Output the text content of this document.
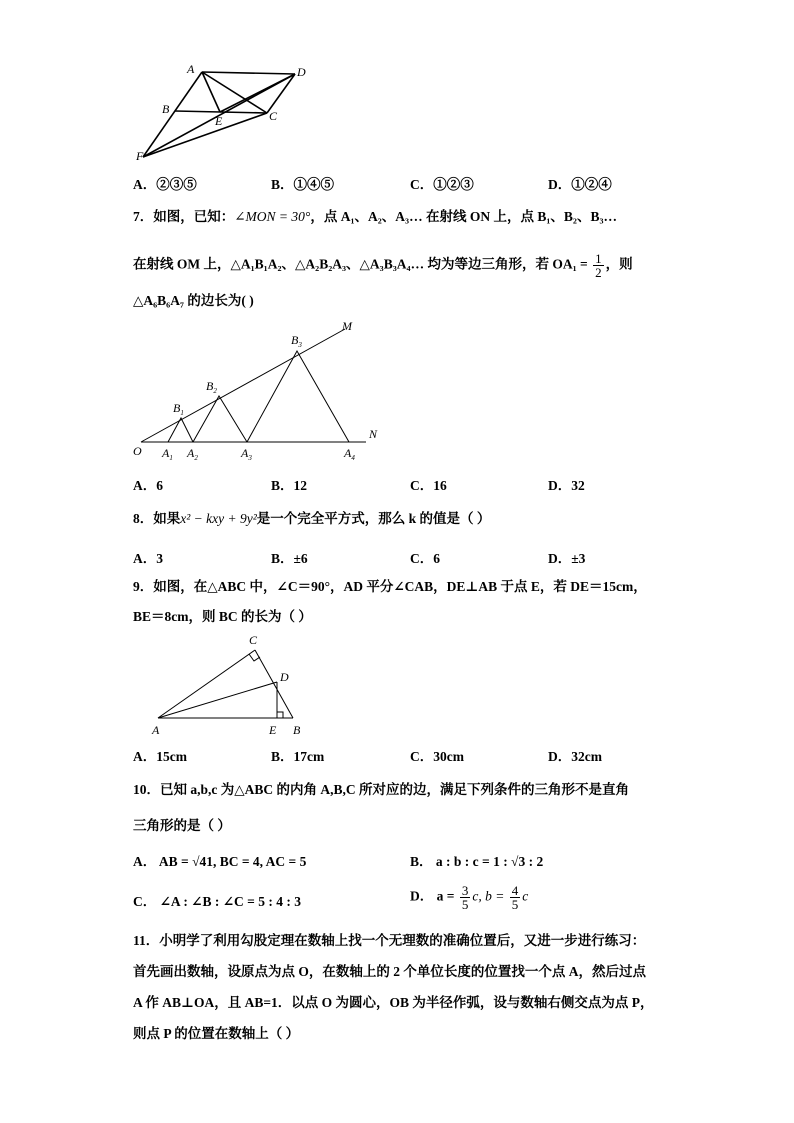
A	D
B
E	C
F
A．②③⑤	B．①④⑤	C．①②③	D．①②④
7．如图，已知：∠MON = 30°，点 A₁、A₂、A₃… 在射线 ON 上，点 B₁、B₂、B₃…
在射线 OM 上，△A₁B₁A₂、△A₂B₂A₃、△A₃B₃A₄… 均为等边三角形，若 $OA_1 = \frac{1}{2}$ ，则
△A₆B₆A₇ 的边长为( )
O $A_1$ $A_2$	$A_3$	$A_4$
$B_1$
$B_2$
$B_3$
M
N
A．6	B．12	C．16	D．32
8．如果x² − kxy + 9y²是一个完全平方式，那么 k 的值是（ ）
A．3	B．±6	C．6	D．±3
9．如图，在△ABC 中，∠C＝90°，AD 平分∠CAB，DE⊥AB 于点 E，若 DE＝15cm，
BE＝8cm，则 BC 的长为（ ）
C
D
A	E B
A．15cm	B．17cm	C．30cm	D．32cm
10．已知 a,b,c 为△ABC 的内角 A,B,C 所对应的边，满足下列条件的三角形不是直角
三角形的是（ ）
A． AB = √41, BC = 4, AC = 5	B． a : b : c = 1 : √3 : 2
C． ∠A : ∠B : ∠C = 5 : 4 : 3	D． $a = \frac{3}{5} c$, $b = \frac{4}{5}$ c
11．小明学了利用勾股定理在数轴上找一个无理数的准确位置后，又进一步进行练习：
首先画出数轴，设原点为点 O，在数轴上的 2 个单位长度的位置找一个点 A，然后过点
A 作 AB⊥OA，且 AB=1．以点 O 为圆心，OB 为半径作弧，设与数轴右侧交点为点 P，
则点 P 的位置在数轴上（ ）
